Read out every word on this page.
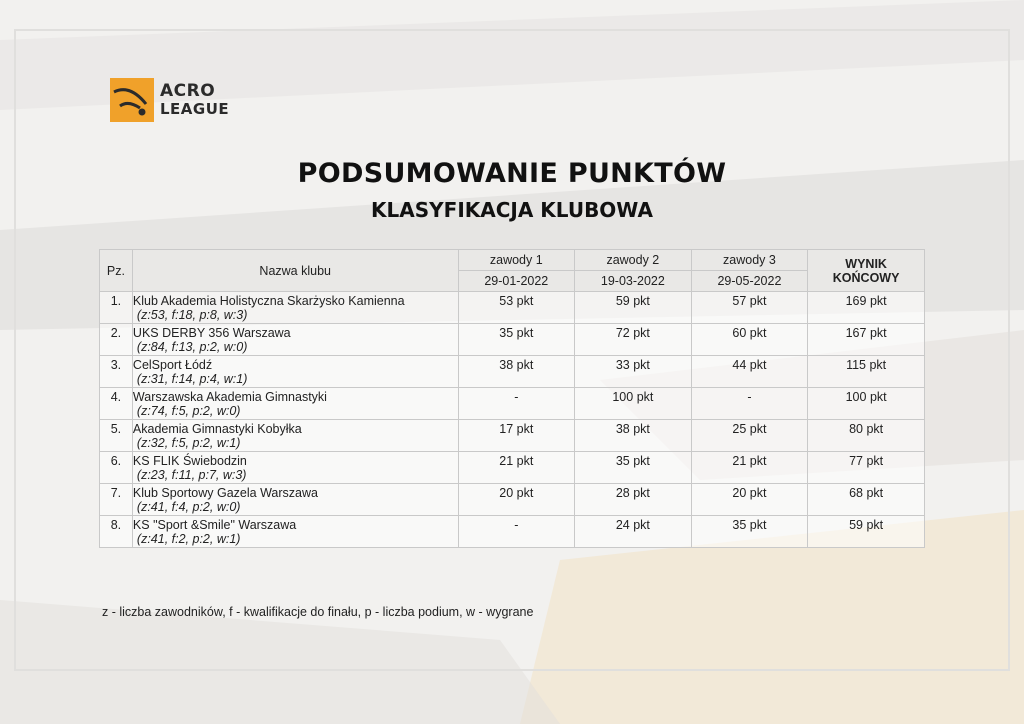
ACRO
LEAGUE
PODSUMOWANIE PUNKTÓW
KLASYFIKACJA KLUBOWA
Pz.	Nazwa klubu	zawody 1	zawody 2	zawody 3	WYNIK
KOŃCOWY

		29-01-2022	19-03-2022	29-05-2022	
1.	Klub Akademia Holistyczna Skarżysko Kamienna
(z:53, f:18, p:8, w:3)	53 pkt	59 pkt	57 pkt	169 pkt
2.	UKS DERBY 356 Warszawa
(z:84, f:13, p:2, w:0)	35 pkt	72 pkt	60 pkt	167 pkt
3.	CelSport Łódź
(z:31, f:14, p:4, w:1)	38 pkt	33 pkt	44 pkt	115 pkt
4.	Warszawska Akademia Gimnastyki
(z:74, f:5, p:2, w:0)	-	100 pkt	-	100 pkt
5.	Akademia Gimnastyki Kobyłka
(z:32, f:5, p:2, w:1)	17 pkt	38 pkt	25 pkt	80 pkt
6.	KS FLIK Świebodzin
(z:23, f:11, p:7, w:3)	21 pkt	35 pkt	21 pkt	77 pkt
7.	Klub Sportowy Gazela Warszawa
(z:41, f:4, p:2, w:0)	20 pkt	28 pkt	20 pkt	68 pkt
8.	KS "Sport &Smile" Warszawa
(z:41, f:2, p:2, w:1)	-	24 pkt	35 pkt	59 pkt
z - liczba zawodników, f - kwalifikacje do finału, p - liczba podium, w - wygrane
